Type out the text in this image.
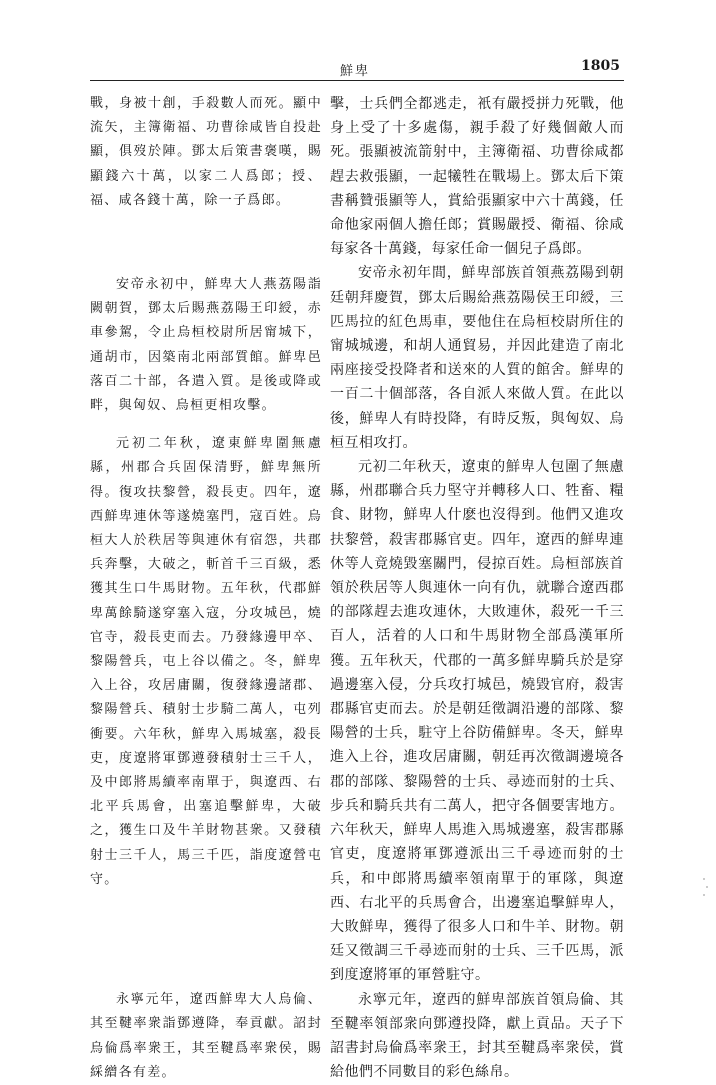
鮮卑	1805

戰，身被十創，手殺數人而死。顯中流矢，主簿衛福、功曹徐咸皆自投赴顯，俱歿於陣。鄧太后策書褒嘆，賜顯錢六十萬，以家二人爲郎；授、福、咸各錢十萬，除一子爲郎。

安帝永初中，鮮卑大人燕荔陽詣闕朝賀，鄧太后賜燕荔陽王印綬，赤車參駕，令止烏桓校尉所居甯城下，通胡市，因築南北兩部質館。鮮卑邑落百二十部，各遣入質。是後或降或畔，與匈奴、烏桓更相攻擊。

元初二年秋，遼東鮮卑圍無慮縣，州郡合兵固保清野，鮮卑無所得。復攻扶黎營，殺長吏。四年，遼西鮮卑連休等遂燒塞門，寇百姓。烏桓大人於秩居等與連休有宿怨，共郡兵奔擊，大破之，斬首千三百級，悉獲其生口牛馬財物。五年秋，代郡鮮卑萬餘騎遂穿塞入寇，分攻城邑，燒官寺，殺長吏而去。乃發緣邊甲卒、黎陽營兵，屯上谷以備之。冬，鮮卑入上谷，攻居庸關，復發緣邊諸郡、黎陽營兵、積射士步騎二萬人，屯列衝要。六年秋，鮮卑入馬城塞，殺長吏，度遼將軍鄧遵發積射士三千人，及中郎將馬續率南單于，與遼西、右北平兵馬會，出塞追擊鮮卑，大破之，獲生口及牛羊財物甚衆。又發積射士三千人，馬三千匹，詣度遼營屯守。

永寧元年，遼西鮮卑大人烏倫、其至鞬率衆詣鄧遵降，奉貢獻。詔封烏倫爲率衆王，其至鞬爲率衆侯，賜綵繒各有差。

擊，士兵們全都逃走，衹有嚴授拼力死戰，他身上受了十多處傷，親手殺了好幾個敵人而死。張顯被流箭射中，主簿衛福、功曹徐咸都趕去救張顯，一起犧牲在戰場上。鄧太后下策書稱贊張顯等人，賞給張顯家中六十萬錢，任命他家兩個人擔任郎；賞賜嚴授、衛福、徐咸每家各十萬錢，每家任命一個兒子爲郎。

安帝永初年間，鮮卑部族首領燕荔陽到朝廷朝拜慶賀，鄧太后賜給燕荔陽侯王印綬，三匹馬拉的紅色馬車，要他住在烏桓校尉所住的甯城城邊，和胡人通貿易，并因此建造了南北兩座接受投降者和送來的人質的館舍。鮮卑的一百二十個部落，各自派人來做人質。在此以後，鮮卑人有時投降，有時反叛，與匈奴、烏桓互相攻打。

元初二年秋天，遼東的鮮卑人包圍了無慮縣，州郡聯合兵力堅守并轉移人口、牲畜、糧食、財物，鮮卑人什麽也沒得到。他們又進攻扶黎營，殺害郡縣官吏。四年，遼西的鮮卑連休等人竟燒毀塞關門，侵掠百姓。烏桓部族首領於秩居等人與連休一向有仇，就聯合遼西郡的部隊趕去進攻連休，大敗連休，殺死一千三百人，活着的人口和牛馬財物全部爲漢軍所獲。五年秋天，代郡的一萬多鮮卑騎兵於是穿過邊塞入侵，分兵攻打城邑，燒毀官府，殺害郡縣官吏而去。於是朝廷徵調沿邊的部隊、黎陽營的士兵，駐守上谷防備鮮卑。冬天，鮮卑進入上谷，進攻居庸關，朝廷再次徵調邊境各郡的部隊、黎陽營的士兵、尋迹而射的士兵、步兵和騎兵共有二萬人，把守各個要害地方。六年秋天，鮮卑人馬進入馬城邊塞，殺害郡縣官吏，度遼將軍鄧遵派出三千尋迹而射的士兵，和中郎將馬續率領南單于的軍隊，與遼西、右北平的兵馬會合，出邊塞追擊鮮卑人，大敗鮮卑，獲得了很多人口和牛羊、財物。朝廷又徵調三千尋迹而射的士兵、三千匹馬，派到度遼將軍的軍營駐守。

永寧元年，遼西的鮮卑部族首領烏倫、其至鞬率領部衆向鄧遵投降，獻上貢品。天子下詔書封烏倫爲率衆王，封其至鞬爲率衆侯，賞給他們不同數目的彩色絲帛。
